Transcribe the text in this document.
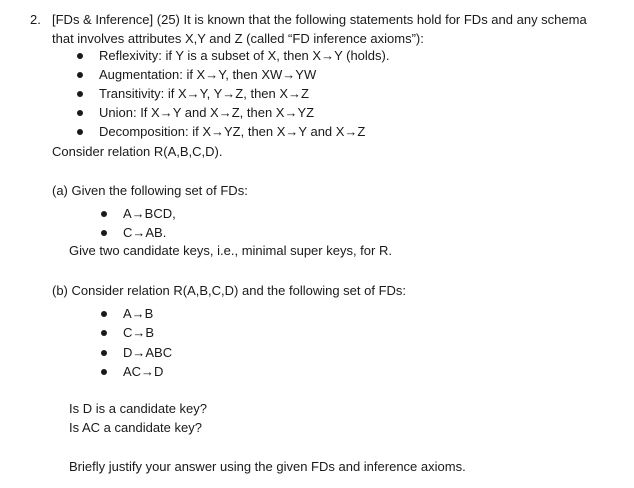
2. [FDs & Inference] (25) It is known that the following statements hold for FDs and any schema
that involves attributes X,Y and Z (called “FD inference axioms”):
Reflexivity: if Y is a subset of X, then X→Y (holds).
Augmentation: if X→Y, then XW→YW
Transitivity: if X→Y, Y→Z, then X→Z
Union: If X→Y and X→Z, then X→YZ
Decomposition: if X→YZ, then X→Y and X→Z
Consider relation R(A,B,C,D).
(a) Given the following set of FDs:
A→BCD,
C→AB.
Give two candidate keys, i.e., minimal super keys, for R.
(b) Consider relation R(A,B,C,D) and the following set of FDs:
A→B
C→B
D→ABC
AC→D
Is D is a candidate key?
Is AC a candidate key?
Briefly justify your answer using the given FDs and inference axioms.
